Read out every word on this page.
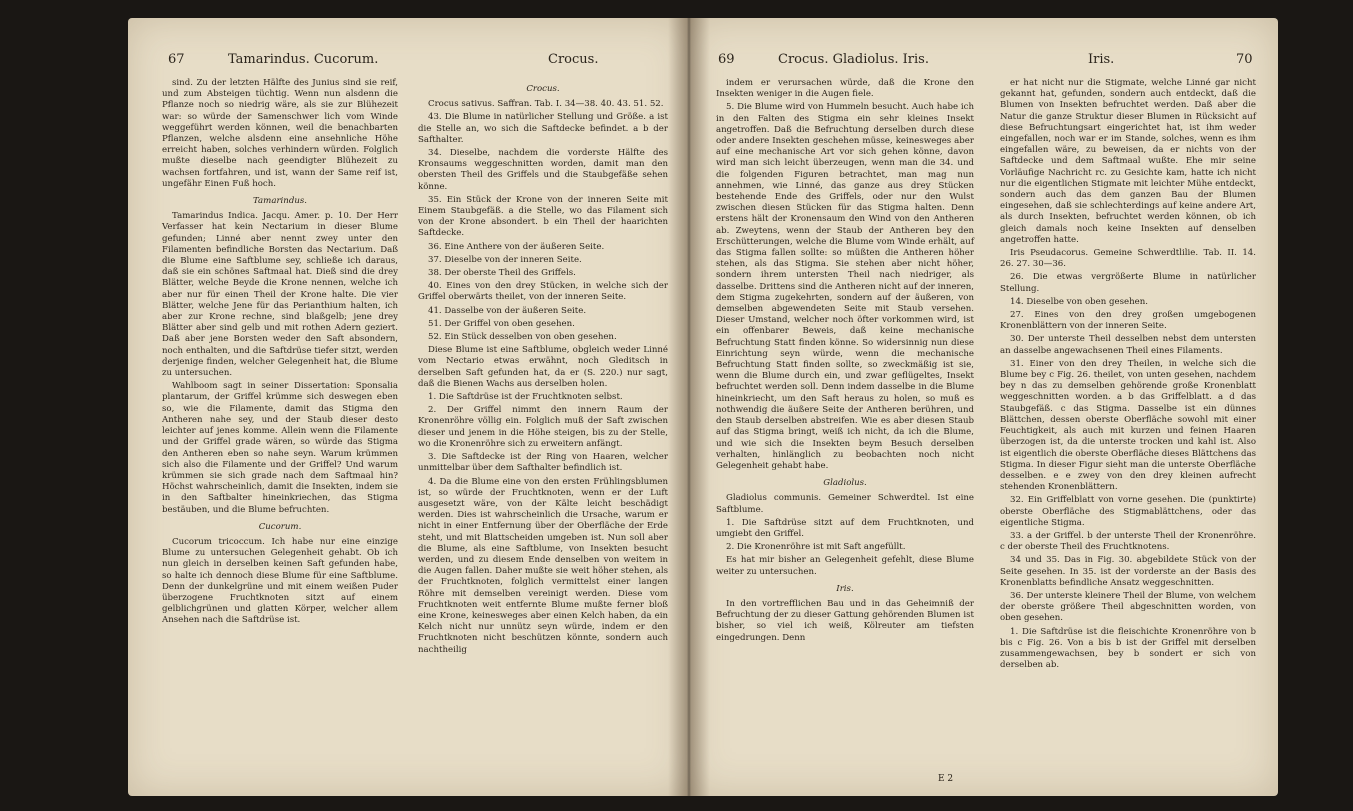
67	Tamarindus. Cucorum.	Crocus.

sind. Zu der letzten Hälfte des Junius sind sie reif, und zum Absteigen tüchtig. Wenn nun alsdenn die Pflanze noch so niedrig wäre, als sie zur Blühezeit war: so würde der Samenschwer lich vom Winde weggeführt werden können, weil die benachbarten Pflanzen, welche alsdenn eine ansehnliche Höhe erreicht haben, solches verhindern würden. Folglich mußte dieselbe nach geendigter Blühezeit zu wachsen fortfahren, und ist, wann der Same reif ist, ungefähr Einen Fuß hoch.

Tamarindus.

Tamarindus Indica. Jacqu. Amer. p. 10. Der Herr Verfasser hat kein Nectarium in dieser Blume gefunden; Linné aber nennt zwey unter den Filamenten befindliche Borsten das Nectarium. Daß die Blume eine Saftblume sey, schließe ich daraus, daß sie ein schönes Saftmaal hat. Dieß sind die drey Blätter, welche Beyde die Krone nennen, welche ich aber nur für einen Theil der Krone halte. Die vier Blätter, welche Jene für das Perianthium halten, ich aber zur Krone rechne, sind blaßgelb; jene drey Blätter aber sind gelb und mit rothen Adern geziert. Daß aber jene Borsten weder den Saft absondern, noch enthalten, und die Saftdrüse tiefer sitzt, werden derjenige finden, welcher Gelegenheit hat, die Blume zu untersuchen.

Wahlboom sagt in seiner Dissertation: Sponsalia plantarum, der Griffel krümme sich deswegen eben so, wie die Filamente, damit das Stigma den Antheren nahe sey, und der Staub dieser desto leichter auf jenes komme. Allein wenn die Filamente und der Griffel grade wären, so würde das Stigma den Antheren eben so nahe seyn. Warum krümmen sich also die Filamente und der Griffel? Und warum krümmen sie sich grade nach dem Saftmaal hin? Höchst wahrscheinlich, damit die Insekten, indem sie in den Saftbalter hineinkriechen, das Stigma bestäuben, und die Blume befruchten.

Cucorum.

Cucorum tricoccum. Ich habe nur eine einzige Blume zu untersuchen Gelegenheit gehabt. Ob ich nun gleich in derselben keinen Saft gefunden habe, so halte ich dennoch diese Blume für eine Saftblume. Denn der dunkelgrüne und mit einem weißen Puder überzogene Fruchtknoten sitzt auf einem gelblichgrünen und glatten Körper, welcher allem Ansehen nach die Saftdrüse ist.

Crocus.

Crocus sativus. Saffran. Tab. I. 34—38. 40. 43. 51. 52.

43. Die Blume in natürlicher Stellung und Größe. a ist die Stelle an, wo sich die Saftdecke befindet. a b der Safthalter.

34. Dieselbe, nachdem die vorderste Hälfte des Kronsaums weggeschnitten worden, damit man den obersten Theil des Griffels und die Staubgefäße sehen könne.

35. Ein Stück der Krone von der inneren Seite mit Einem Staubgefäß. a die Stelle, wo das Filament sich von der Krone absondert. b ein Theil der haarichten Saftdecke.

36. Eine Anthere von der äußeren Seite.

37. Dieselbe von der inneren Seite.

38. Der oberste Theil des Griffels.

40. Eines von den drey Stücken, in welche sich der Griffel oberwärts theilet, von der inneren Seite.

41. Dasselbe von der äußeren Seite.

51. Der Griffel von oben gesehen.

52. Ein Stück desselben von oben gesehen.

Diese Blume ist eine Saftblume, obgleich weder Linné vom Nectario etwas erwähnt, noch Gleditsch in derselben Saft gefunden hat, da er (S. 220.) nur sagt, daß die Bienen Wachs aus derselben holen.

1. Die Saftdrüse ist der Fruchtknoten selbst.

2. Der Griffel nimmt den innern Raum der Kronenröhre völlig ein. Folglich muß der Saft zwischen dieser und jenem in die Höhe steigen, bis zu der Stelle, wo die Kronenröhre sich zu erweitern anfängt.

3. Die Saftdecke ist der Ring von Haaren, welcher unmittelbar über dem Safthalter befindlich ist.

4. Da die Blume eine von den ersten Frühlingsblumen ist, so würde der Fruchtknoten, wenn er der Luft ausgesetzt wäre, von der Kälte leicht beschädigt werden. Dies ist wahrscheinlich die Ursache, warum er nicht in einer Entfernung über der Oberfläche der Erde steht, und mit Blattscheiden umgeben ist. Nun soll aber die Blume, als eine Saftblume, von Insekten besucht werden, und zu diesem Ende denselben von weitem in die Augen fallen. Daher mußte sie weit höher stehen, als der Fruchtknoten, folglich vermittelst einer langen Röhre mit demselben vereinigt werden. Diese vom Fruchtknoten weit entfernte Blume mußte ferner bloß eine Krone, keinesweges aber einen Kelch haben, da ein Kelch nicht nur unnütz seyn würde, indem er den Fruchtknoten nicht beschützen könnte, sondern auch nachtheilig

69	Crocus. Gladiolus. Iris.	Iris.	70

indem er verursachen würde, daß die Krone den Insekten weniger in die Augen fiele.

5. Die Blume wird von Hummeln besucht. Auch habe ich in den Falten des Stigma ein sehr kleines Insekt angetroffen. Daß die Befruchtung derselben durch diese oder andere Insekten geschehen müsse, keinesweges aber auf eine mechanische Art vor sich gehen könne, davon wird man sich leicht überzeugen, wenn man die 34. und die folgenden Figuren betrachtet, man mag nun annehmen, wie Linné, das ganze aus drey Stücken bestehende Ende des Griffels, oder nur den Wulst zwischen diesen Stücken für das Stigma halten. Denn erstens hält der Kronensaum den Wind von den Antheren ab. Zweytens, wenn der Staub der Antheren bey den Erschütterungen, welche die Blume vom Winde erhält, auf das Stigma fallen sollte: so müßten die Antheren höher stehen, als das Stigma. Sie stehen aber nicht höher, sondern ihrem untersten Theil nach niedriger, als dasselbe. Drittens sind die Antheren nicht auf der inneren, dem Stigma zugekehrten, sondern auf der äußeren, von demselben abgewendeten Seite mit Staub versehen. Dieser Umstand, welcher noch öfter vorkommen wird, ist ein offenbarer Beweis, daß keine mechanische Befruchtung Statt finden könne. So widersinnig nun diese Einrichtung seyn würde, wenn die mechanische Befruchtung Statt finden sollte, so zweckmäßig ist sie, wenn die Blume durch ein, und zwar geflügeltes, Insekt befruchtet werden soll. Denn indem dasselbe in die Blume hineinkriecht, um den Saft heraus zu holen, so muß es nothwendig die äußere Seite der Antheren berühren, und den Staub derselben abstreifen. Wie es aber diesen Staub auf das Stigma bringt, weiß ich nicht, da ich die Blume, und wie sich die Insekten beym Besuch derselben verhalten, hinlänglich zu beobachten noch nicht Gelegenheit gehabt habe.

Gladiolus.

Gladiolus communis. Gemeiner Schwerdtel. Ist eine Saftblume.

1. Die Saftdrüse sitzt auf dem Fruchtknoten, und umgiebt den Griffel.

2. Die Kronenröhre ist mit Saft angefüllt.

Es hat mir bisher an Gelegenheit gefehlt, diese Blume weiter zu untersuchen.

Iris.

In den vortrefflichen Bau und in das Geheimniß der Befruchtung der zu dieser Gattung gehörenden Blumen ist bisher, so viel ich weiß, Kölreuter am tiefsten eingedrungen. Denn

E 2

er hat nicht nur die Stigmate, welche Linné gar nicht gekannt hat, gefunden, sondern auch entdeckt, daß die Blumen von Insekten befruchtet werden. Daß aber die Natur die ganze Struktur dieser Blumen in Rücksicht auf diese Befruchtungsart eingerichtet hat, ist ihm weder eingefallen, noch war er im Stande, solches, wenn es ihm eingefallen wäre, zu beweisen, da er nichts von der Saftdecke und dem Saftmaal wußte. Ehe mir seine Vorläufige Nachricht rc. zu Gesichte kam, hatte ich nicht nur die eigentlichen Stigmate mit leichter Mühe entdeckt, sondern auch das dem ganzen Bau der Blumen eingesehen, daß sie schlechterdings auf keine andere Art, als durch Insekten, befruchtet werden können, ob ich gleich damals noch keine Insekten auf denselben angetroffen hatte.

Iris Pseudacorus. Gemeine Schwerdtlilie. Tab. II. 14. 26. 27. 30—36.

26. Die etwas vergrößerte Blume in natürlicher Stellung.

14. Dieselbe von oben gesehen.

27. Eines von den drey großen umgebogenen Kronenblättern von der inneren Seite.

30. Der unterste Theil desselben nebst dem untersten an dasselbe angewachsenen Theil eines Filaments.

31. Einer von den drey Theilen, in welche sich die Blume bey c Fig. 26. theilet, von unten gesehen, nachdem bey n das zu demselben gehörende große Kronenblatt weggeschnitten worden. a b das Griffelblatt. a d das Staubgefäß. c das Stigma. Dasselbe ist ein dünnes Blättchen, dessen oberste Oberfläche sowohl mit einer Feuchtigkeit, als auch mit kurzen und feinen Haaren überzogen ist, da die unterste trocken und kahl ist. Also ist eigentlich die oberste Oberfläche dieses Blättchens das Stigma. In dieser Figur sieht man die unterste Oberfläche desselben. e e zwey von den drey kleinen aufrecht stehenden Kronenblättern.

32. Ein Griffelblatt von vorne gesehen. Die (punktirte) oberste Oberfläche des Stigmablättchens, oder das eigentliche Stigma.

33. a der Griffel. b der unterste Theil der Kronenröhre. c der oberste Theil des Fruchtknotens.

34 und 35. Das in Fig. 30. abgebildete Stück von der Seite gesehen. In 35. ist der vorderste an der Basis des Kronenblatts befindliche Ansatz weggeschnitten.

36. Der unterste kleinere Theil der Blume, von welchem der oberste größere Theil abgeschnitten worden, von oben gesehen.

1. Die Saftdrüse ist die fleischichte Kronenröhre von b bis c Fig. 26. Von a bis b ist der Griffel mit derselben zusammengewachsen, bey b sondert er sich von derselben ab.
